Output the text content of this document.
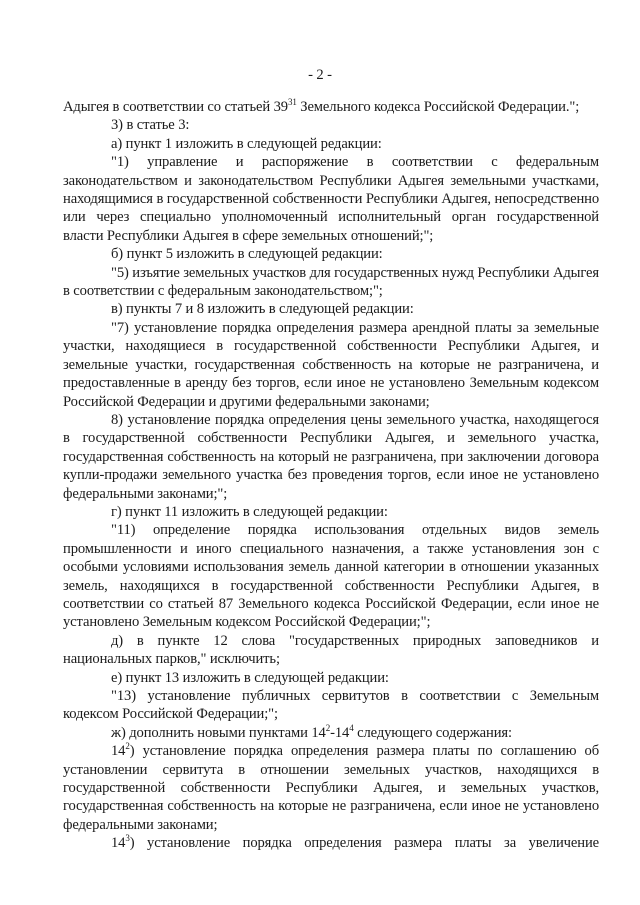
- 2 -

Адыгея в соответствии со статьей $39^{31}$ Земельного кодекса Российской Федерации.";

3) в статье 3:

а) пункт 1 изложить в следующей редакции:

"1) управление и распоряжение в соответствии с федеральным законодательством и законодательством Республики Адыгея земельными участками, находящимися в государственной собственности Республики Адыгея, непосредственно или через специально уполномоченный исполнительный орган государственной власти Республики Адыгея в сфере земельных отношений;";

б) пункт 5 изложить в следующей редакции:

"5) изъятие земельных участков для государственных нужд Республики Адыгея в соответствии с федеральным законодательством;";

в) пункты 7 и 8 изложить в следующей редакции:

"7) установление порядка определения размера арендной платы за земельные участки, находящиеся в государственной собственности Республики Адыгея, и земельные участки, государственная собственность на которые не разграничена, и предоставленные в аренду без торгов, если иное не установлено Земельным кодексом Российской Федерации и другими федеральными законами;

8) установление порядка определения цены земельного участка, находящегося в государственной собственности Республики Адыгея, и земельного участка, государственная собственность на который не разграничена, при заключении договора купли-продажи земельного участка без проведения торгов, если иное не установлено федеральными законами;";

г) пункт 11 изложить в следующей редакции:

"11) определение порядка использования отдельных видов земель промышленности и иного специального назначения, а также установления зон с особыми условиями использования земель данной категории в отношении указанных земель, находящихся в государственной собственности Республики Адыгея, в соответствии со статьей 87 Земельного кодекса Российской Федерации, если иное не установлено Земельным кодексом Российской Федерации;";

д) в пункте 12 слова "государственных природных заповедников и национальных парков," исключить;

е) пункт 13 изложить в следующей редакции:

"13) установление публичных сервитутов в соответствии с Земельным кодексом Российской Федерации;";

ж) дополнить новыми пунктами $14^2-14^4$ следующего содержания:

$14^2$) установление порядка определения размера платы по соглашению об установлении сервитута в отношении земельных участков, находящихся в государственной собственности Республики Адыгея, и земельных участков, государственная собственность на которые не разграничена, если иное не установлено федеральными законами;

$14^3$) установление порядка определения размера платы за увеличение
